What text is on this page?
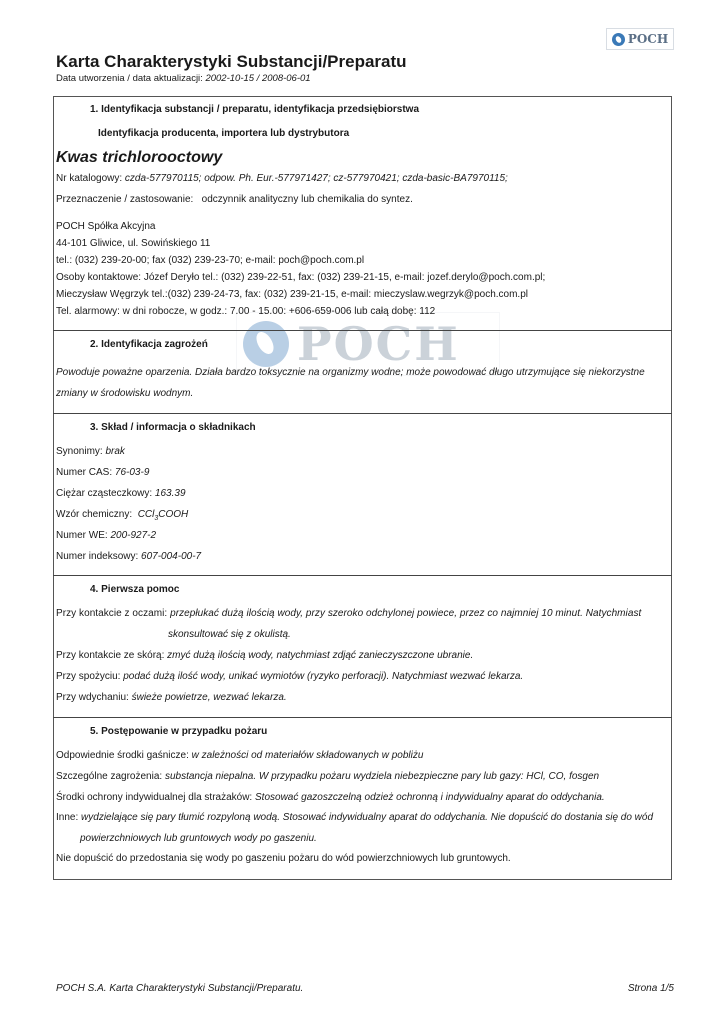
POCH
Karta Charakterystyki Substancji/Preparatu
Data utworzenia / data aktualizacji: 2002-10-15 / 2008-06-01
POCH
1. Identyfikacja substancji / preparatu, identyfikacja przedsiębiorstwa
Identyfikacja producenta, importera lub dystrybutora
Kwas trichlorooctowy
Nr katalogowy: czda-577970115; odpow. Ph. Eur.-577971427; cz-577970421; czda-basic-BA7970115;
Przeznaczenie / zastosowanie: odczynnik analityczny lub chemikalia do syntez.
POCH Spółka Akcyjna
44-101 Gliwice, ul. Sowińskiego 11
tel.: (032) 239-20-00; fax (032) 239-23-70; e-mail: poch@poch.com.pl
Osoby kontaktowe: Józef Deryło tel.: (032) 239-22-51, fax: (032) 239-21-15, e-mail: jozef.derylo@poch.com.pl;
Mieczysław Węgrzyk tel.:(032) 239-24-73, fax: (032) 239-21-15, e-mail: mieczyslaw.wegrzyk@poch.com.pl
Tel. alarmowy: w dni robocze, w godz.: 7.00 - 15.00: +606-659-006 lub całą dobę: 112
2. Identyfikacja zagrożeń
Powoduje poważne oparzenia. Działa bardzo toksycznie na organizmy wodne; może powodować długo utrzymujące się niekorzystne
zmiany w środowisku wodnym.
3. Skład / informacja o składnikach
Synonimy: brak
Numer CAS: 76-03-9
Ciężar cząsteczkowy: 163.39
Wzór chemiczny: CCl$_3$COOH
Numer WE: 200-927-2
Numer indeksowy: 607-004-00-7
4. Pierwsza pomoc
Przy kontakcie z oczami: przepłukać dużą ilością wody, przy szeroko odchylonej powiece, przez co najmniej 10 minut. Natychmiast
skonsultować się z okulistą.
Przy kontakcie ze skórą: zmyć dużą ilością wody, natychmiast zdjąć zanieczyszczone ubranie.
Przy spożyciu: podać dużą ilość wody, unikać wymiotów (ryzyko perforacji). Natychmiast wezwać lekarza.
Przy wdychaniu: świeże powietrze, wezwać lekarza.
5. Postępowanie w przypadku pożaru
Odpowiednie środki gaśnicze: w zależności od materiałów składowanych w pobliżu
Szczególne zagrożenia: substancja niepalna. W przypadku pożaru wydziela niebezpieczne pary lub gazy: HCl, CO, fosgen
Środki ochrony indywidualnej dla strażaków: Stosować gazoszczelną odzież ochronną i indywidualny aparat do oddychania.
Inne: wydzielające się pary tłumić rozpyloną wodą. Stosować indywidualny aparat do oddychania. Nie dopuścić do dostania się do wód
powierzchniowych lub gruntowych wody po gaszeniu.
Nie dopuścić do przedostania się wody po gaszeniu pożaru do wód powierzchniowych lub gruntowych.
POCH S.A. Karta Charakterystyki Substancji/Preparatu.	Strona 1/5
